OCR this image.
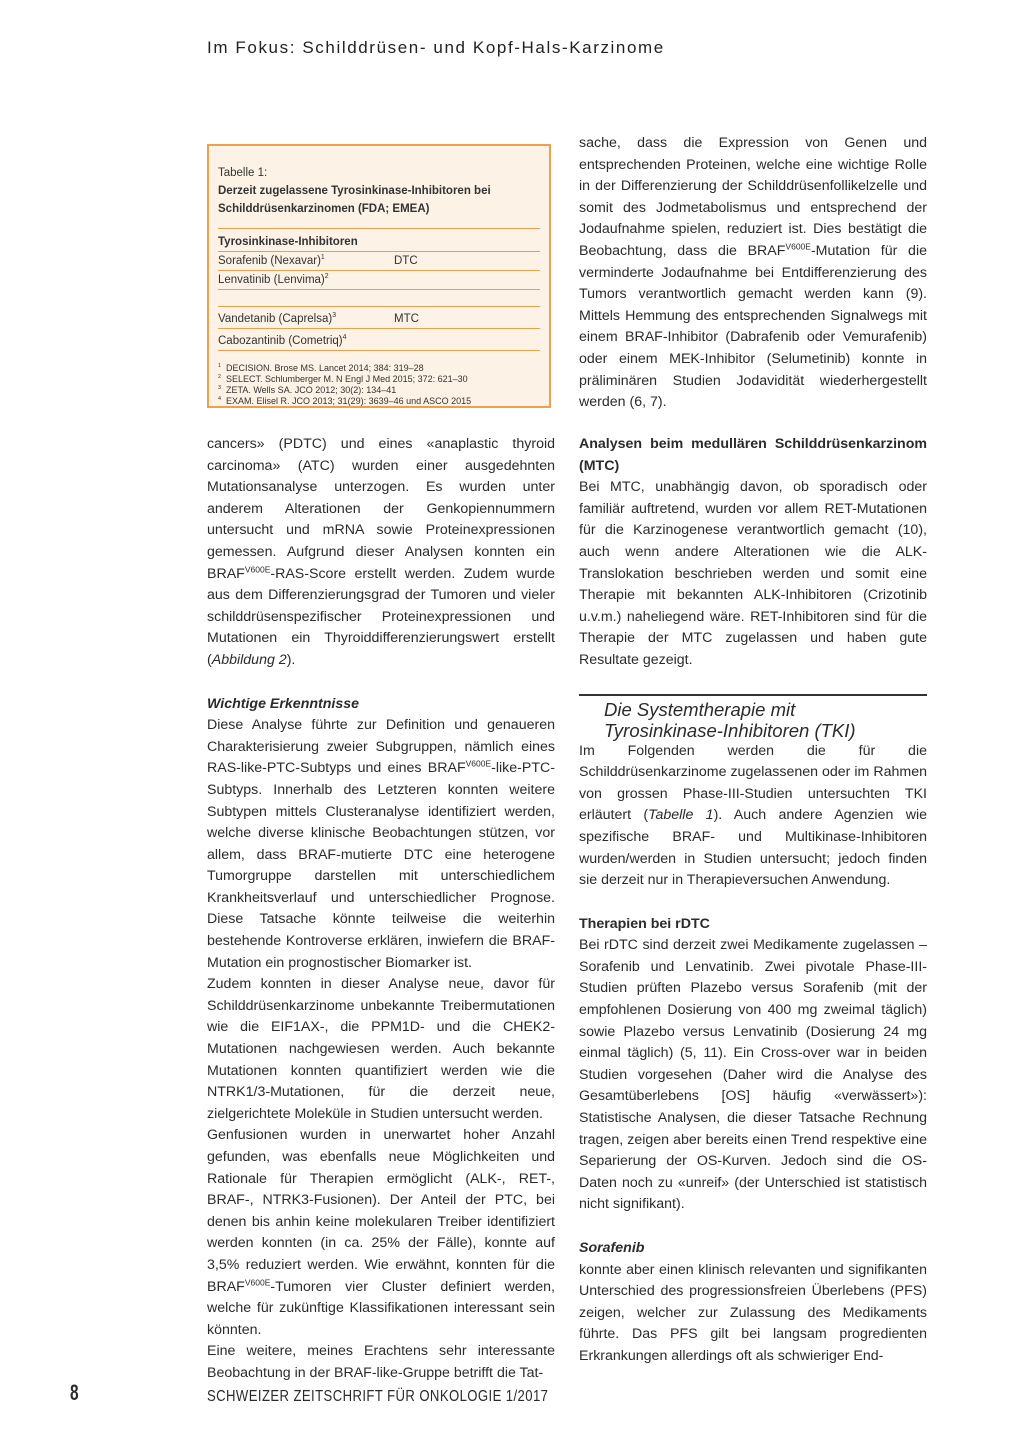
Im Fokus: Schilddrüsen- und Kopf-Hals-Karzinome

Tabelle 1:

Derzeit zugelassene Tyrosinkinase-Inhibitoren bei

Schilddrüsenkarzinomen (FDA; EMEA)

Tyrosinkinase-Inhibitoren
Sorafenib (Nexavar)$^1$	DTC
Lenvatinib (Lenvima)$^2$
Vandetanib (Caprelsa)$^3$	MTC
Cabozantinib (Cometriq)$^4$

$^1$ DECISION. Brose MS. Lancet 2014; 384: 319–28

$^2$ SELECT. Schlumberger M. N Engl J Med 2015; 372: 621–30

$^3$ ZETA. Wells SA. JCO 2012; 30(2): 134–41

$^4$ EXAM. Elisel R. JCO 2013; 31(29): 3639–46 und ASCO 2015

sache, dass die Expression von Genen und entsprechenden Proteinen, welche eine wichtige Rolle in der Differenzierung der Schilddrüsenfollikelzelle und somit des Jodmetabolismus und entsprechend der Jodaufnahme spielen, reduziert ist. Dies bestätigt die Beobachtung, dass die $BRAF^{V600E}$-Mutation für die verminderte Jodaufnahme bei Entdifferenzierung des Tumors verantwortlich gemacht werden kann (9). Mittels Hemmung des entsprechenden Signalwegs mit einem BRAF-Inhibitor (Dabrafenib oder Vemurafenib) oder einem MEK-Inhibitor (Selumetinib) konnte in präliminären Studien Jodavidität wiederhergestellt werden (6, 7).

cancers» (PDTC) und eines «anaplastic thyroid carcinoma» (ATC) wurden einer ausgedehnten Mutationsanalyse unterzogen. Es wurden unter anderem Alterationen der Genkopiennummern untersucht und mRNA sowie Proteinexpressionen gemessen. Aufgrund dieser Analysen konnten ein $BRAF^{V600E}-RAS$-Score erstellt werden. Zudem wurde aus dem Differenzierungsgrad der Tumoren und vieler schilddrüsenspezifischer Proteinexpressionen und Mutationen ein Thyroiddifferenzierungswert erstellt (Abbildung 2).

Wichtige Erkenntnisse

Diese Analyse führte zur Definition und genaueren Charakterisierung zweier Subgruppen, nämlich eines RAS-like-PTC-Subtyps und eines $BRAF^{V600E}-like-PTC$-Subtyps. Innerhalb des Letzteren konnten weitere Subtypen mittels Clusteranalyse identifiziert werden, welche diverse klinische Beobachtungen stützen, vor allem, dass BRAF-mutierte DTC eine heterogene Tumorgruppe darstellen mit unterschiedlichem Krankheitsverlauf und unterschiedlicher Prognose. Diese Tatsache könnte teilweise die weiterhin bestehende Kontroverse erklären, inwiefern die BRAF-Mutation ein prognostischer Biomarker ist.

Zudem konnten in dieser Analyse neue, davor für Schilddrüsenkarzinome unbekannte Treibermutationen wie die EIF1AX-, die PPM1D- und die CHEK2-Mutationen nachgewiesen werden. Auch bekannte Mutationen konnten quantifiziert werden wie die NTRK1/3-Mutationen, für die derzeit neue, zielgerichtete Moleküle in Studien untersucht werden.

Genfusionen wurden in unerwartet hoher Anzahl gefunden, was ebenfalls neue Möglichkeiten und Rationale für Therapien ermöglicht (ALK-, RET-, BRAF-, NTRK3-Fusionen). Der Anteil der PTC, bei denen bis anhin keine molekularen Treiber identifiziert werden konnten (in ca. 25% der Fälle), konnte auf 3,5% reduziert werden. Wie erwähnt, konnten für die $BRAF^{V600E}$-Tumoren vier Cluster definiert werden, welche für zukünftige Klassifikationen interessant sein könnten.

Eine weitere, meines Erachtens sehr interessante Beobachtung in der BRAF-like-Gruppe betrifft die Tat-

Analysen beim medullären Schilddrüsenkarzinom (MTC)

Bei MTC, unabhängig davon, ob sporadisch oder familiär auftretend, wurden vor allem RET-Mutationen für die Karzinogenese verantwortlich gemacht (10), auch wenn andere Alterationen wie die ALK-Translokation beschrieben werden und somit eine Therapie mit bekannten ALK-Inhibitoren (Crizotinib u.v.m.) naheliegend wäre. RET-Inhibitoren sind für die Therapie der MTC zugelassen und haben gute Resultate gezeigt.

Die Systemtherapie mit
Tyrosinkinase-Inhibitoren (TKI)

Im Folgenden werden die für die Schilddrüsenkarzinome zugelassenen oder im Rahmen von grossen Phase-III-Studien untersuchten TKI erläutert (Tabelle 1). Auch andere Agenzien wie spezifische BRAF- und Multikinase-Inhibitoren wurden/werden in Studien untersucht; jedoch finden sie derzeit nur in Therapieversuchen Anwendung.

Therapien bei rDTC

Bei rDTC sind derzeit zwei Medikamente zugelassen – Sorafenib und Lenvatinib. Zwei pivotale Phase-III-Studien prüften Plazebo versus Sorafenib (mit der empfohlenen Dosierung von 400 mg zweimal täglich) sowie Plazebo versus Lenvatinib (Dosierung 24 mg einmal täglich) (5, 11). Ein Cross-over war in beiden Studien vorgesehen (Daher wird die Analyse des Gesamtüberlebens [OS] häufig «verwässert»): Statistische Analysen, die dieser Tatsache Rechnung tragen, zeigen aber bereits einen Trend respektive eine Separierung der OS-Kurven. Jedoch sind die OS-Daten noch zu «unreif» (der Unterschied ist statistisch nicht signifikant).

Sorafenib

konnte aber einen klinisch relevanten und signifikanten Unterschied des progressionsfreien Überlebens (PFS) zeigen, welcher zur Zulassung des Medikaments führte. Das PFS gilt bei langsam progredienten Erkrankungen allerdings oft als schwieriger End-

8	SCHWEIZER ZEITSCHRIFT FÜR ONKOLOGIE 1/2017
